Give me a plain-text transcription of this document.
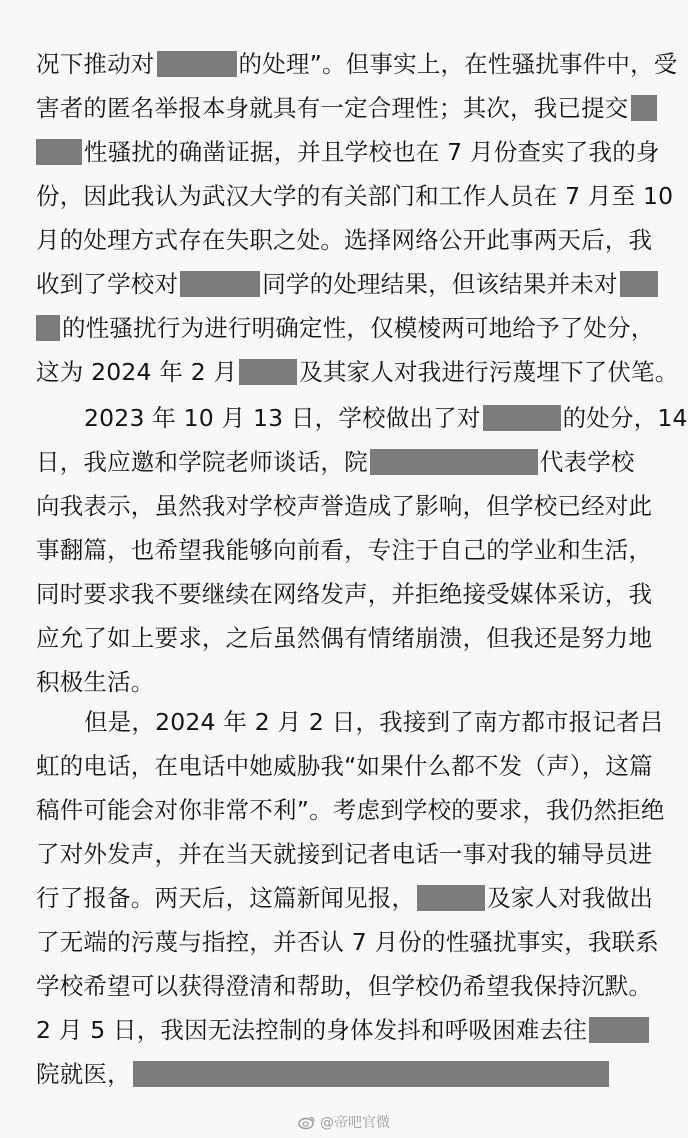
况下推动对	的处理”。但事实上，在性骚扰事件中，受
害者的匿名举报本身就具有一定合理性；其次，我已提交
性骚扰的确凿证据，并且学校也在 7 月份查实了我的身
份，因此我认为武汉大学的有关部门和工作人员在 7 月至 10
月的处理方式存在失职之处。选择网络公开此事两天后，我
收到了学校对	同学的处理结果，但该结果并未对
的性骚扰行为进行明确定性，仅模棱两可地给予了处分，
这为 2024 年 2 月	及其家人对我进行污蔑埋下了伏笔。
2023 年 10 月 13 日，学校做出了对	的处分，14
日，我应邀和学院老师谈话，院	代表学校
向我表示，虽然我对学校声誉造成了影响，但学校已经对此
事翻篇，也希望我能够向前看，专注于自己的学业和生活，
同时要求我不要继续在网络发声，并拒绝接受媒体采访，我
应允了如上要求，之后虽然偶有情绪崩溃，但我还是努力地
积极生活。
但是，2024 年 2 月 2 日，我接到了南方都市报记者吕
虹的电话，在电话中她威胁我“如果什么都不发（声），这篇
稿件可能会对你非常不利”。考虑到学校的要求，我仍然拒绝
了对外发声，并在当天就接到记者电话一事对我的辅导员进
行了报备。两天后，这篇新闻见报，	及家人对我做出
了无端的污蔑与指控，并否认 7 月份的性骚扰事实，我联系
学校希望可以获得澄清和帮助，但学校仍希望我保持沉默。
2 月 5 日，我因无法控制的身体发抖和呼吸困难去往
院就医，
@帝吧官微
